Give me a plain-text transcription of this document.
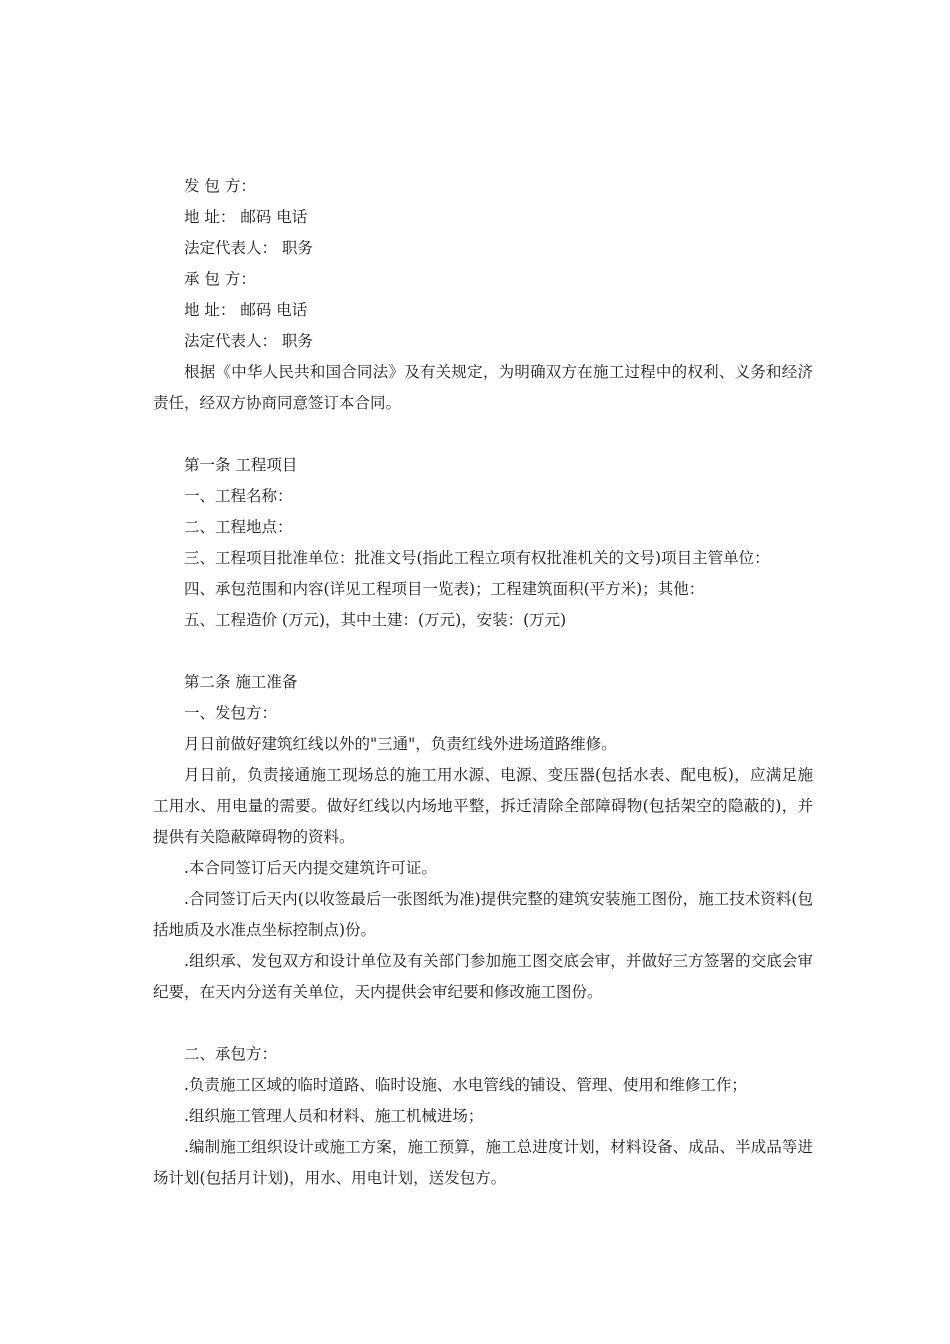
发 包 方：

地 址： 邮码 电话

法定代表人： 职务

承 包 方：

地 址： 邮码 电话

法定代表人： 职务

根据《中华人民共和国合同法》及有关规定，为明确双方在施工过程中的权利、义务和经济责任，经双方协商同意签订本合同。

第一条 工程项目

一、工程名称：

二、工程地点：

三、工程项目批准单位：批准文号(指此工程立项有权批准机关的文号)项目主管单位：

四、承包范围和内容(详见工程项目一览表)；工程建筑面积(平方米)；其他：

五、工程造价 (万元)，其中土建：(万元)，安装：(万元)

第二条 施工准备

一、发包方：

月日前做好建筑红线以外的"三通"，负责红线外进场道路维修。

月日前，负责接通施工现场总的施工用水源、电源、变压器(包括水表、配电板)，应满足施工用水、用电量的需要。做好红线以内场地平整，拆迁清除全部障碍物(包括架空的隐蔽的)，并提供有关隐蔽障碍物的资料。

.本合同签订后天内提交建筑许可证。

.合同签订后天内(以收签最后一张图纸为准)提供完整的建筑安装施工图份，施工技术资料(包括地质及水准点坐标控制点)份。

.组织承、发包双方和设计单位及有关部门参加施工图交底会审，并做好三方签署的交底会审纪要，在天内分送有关单位，天内提供会审纪要和修改施工图份。

二、承包方：

.负责施工区域的临时道路、临时设施、水电管线的铺设、管理、使用和维修工作；

.组织施工管理人员和材料、施工机械进场；

.编制施工组织设计或施工方案，施工预算，施工总进度计划，材料设备、成品、半成品等进场计划(包括月计划)，用水、用电计划，送发包方。
